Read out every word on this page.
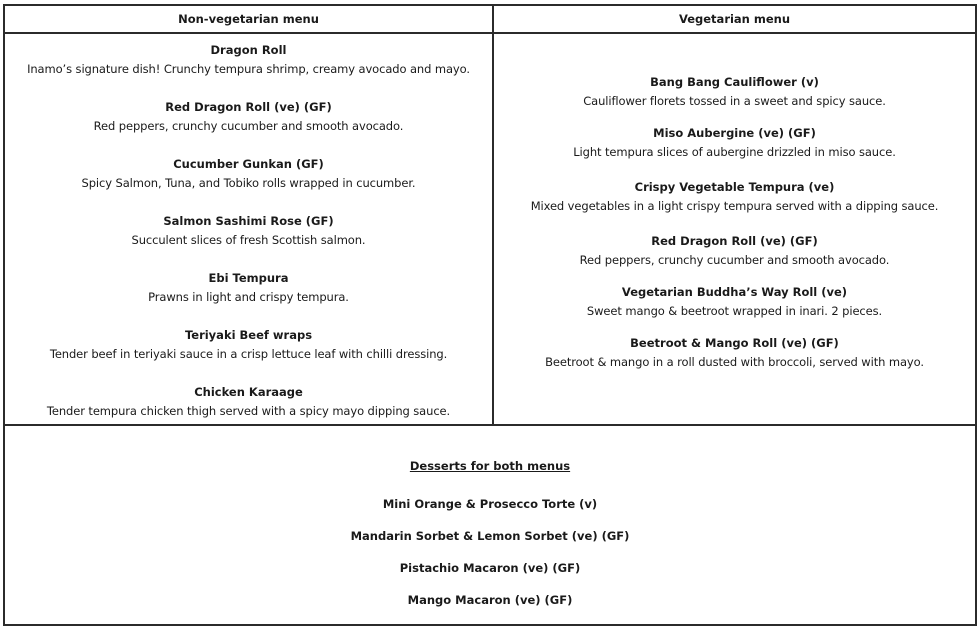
Non-vegetarian menu	Vegetarian menu
Dragon Roll
Inamo’s signature dish! Crunchy tempura shrimp, creamy avocado and mayo.
Red Dragon Roll (ve) (GF)
Red peppers, crunchy cucumber and smooth avocado.
Cucumber Gunkan (GF)
Spicy Salmon, Tuna, and Tobiko rolls wrapped in cucumber.
Salmon Sashimi Rose (GF)
Succulent slices of fresh Scottish salmon.
Ebi Tempura
Prawns in light and crispy tempura.
Teriyaki Beef wraps
Tender beef in teriyaki sauce in a crisp lettuce leaf with chilli dressing.
Chicken Karaage
Tender tempura chicken thigh served with a spicy mayo dipping sauce.
Bang Bang Cauliflower (v)
Cauliflower florets tossed in a sweet and spicy sauce.
Miso Aubergine (ve) (GF)
Light tempura slices of aubergine drizzled in miso sauce.
Crispy Vegetable Tempura (ve)
Mixed vegetables in a light crispy tempura served with a dipping sauce.
Red Dragon Roll (ve) (GF)
Red peppers, crunchy cucumber and smooth avocado.
Vegetarian Buddha’s Way Roll (ve)
Sweet mango & beetroot wrapped in inari. 2 pieces.
Beetroot & Mango Roll (ve) (GF)
Beetroot & mango in a roll dusted with broccoli, served with mayo.
Desserts for both menus
Mini Orange & Prosecco Torte (v)
Mandarin Sorbet & Lemon Sorbet (ve) (GF)
Pistachio Macaron (ve) (GF)
Mango Macaron (ve) (GF)
